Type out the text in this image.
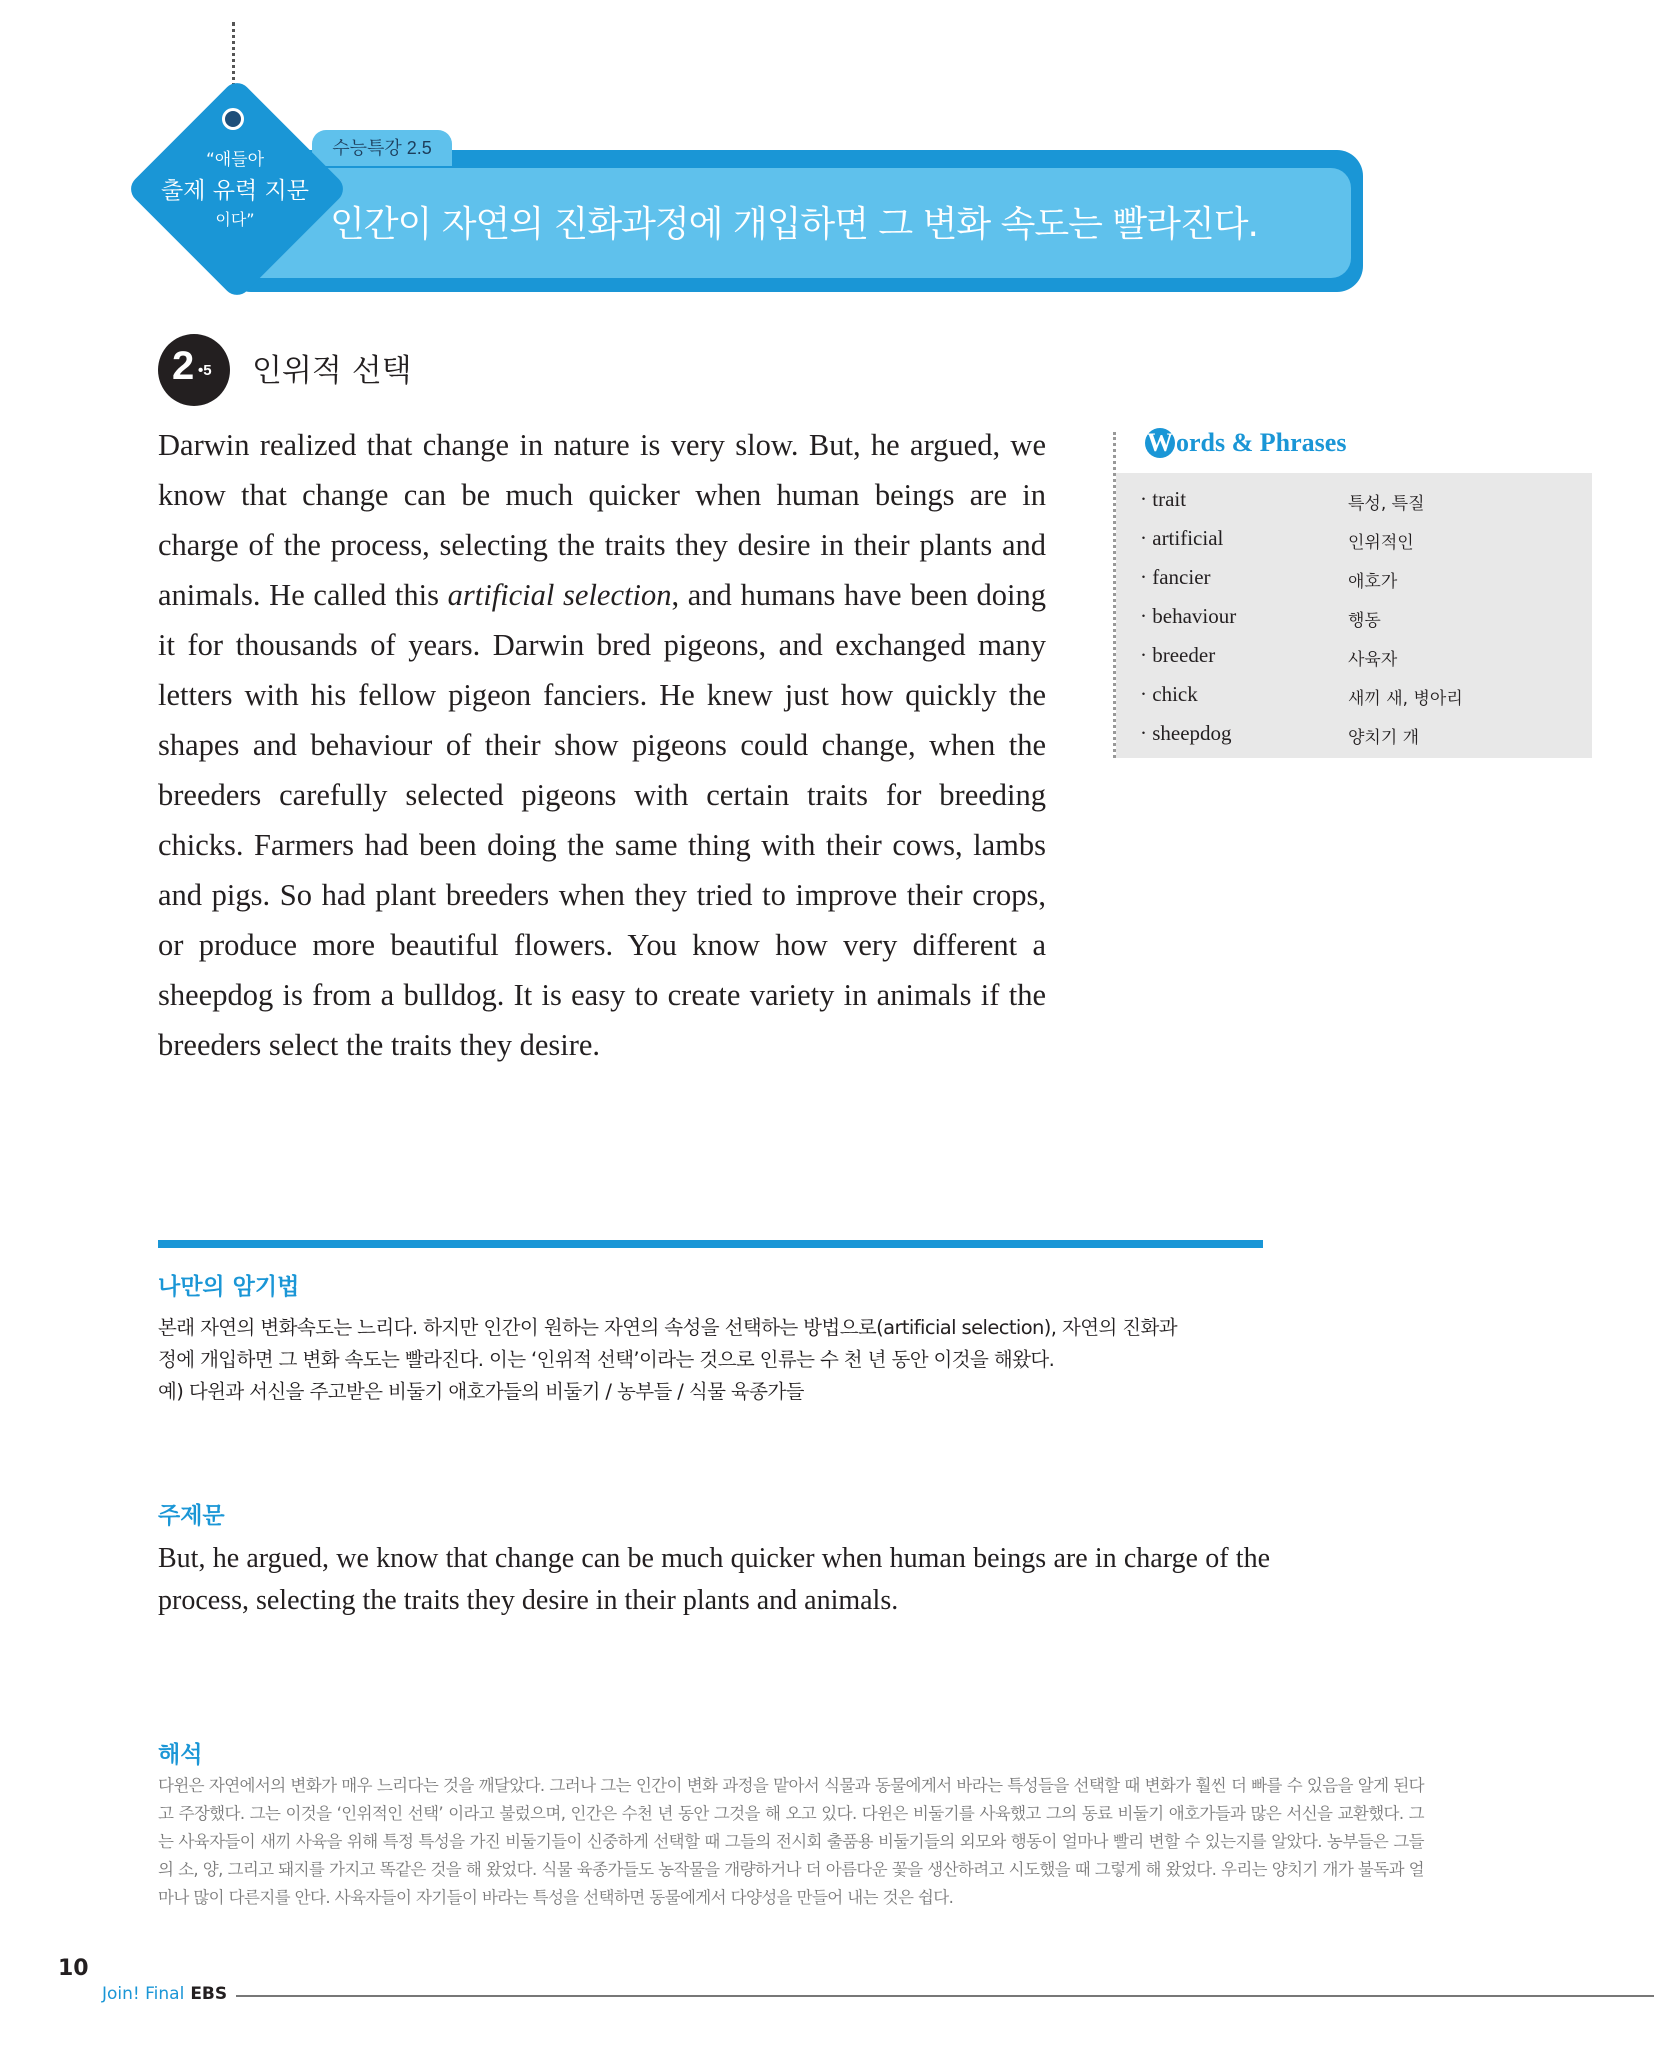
수능특강 2.5
인간이 자연의 진화과정에 개입하면 그 변화 속도는 빨라진다.
“애들아
출제 유력 지문
이다”
2 •5 인위적 선택
Darwin realized that change in nature is very slow. But, he argued, we know that change can be much quicker when human beings are in charge of the process, selecting the traits they desire in their plants and animals. He called this artificial selection, and humans have been doing it for thousands of years. Darwin bred pigeons, and exchanged many letters with his fellow pigeon fanciers. He knew just how quickly the shapes and behaviour of their show pigeons could change, when the breeders carefully selected pigeons with certain traits for breeding chicks. Farmers had been doing the same thing with their cows, lambs and pigs. So had plant breeders when they tried to improve their crops, or produce more beautiful flowers. You know how very different a sheepdog is from a bulldog. It is easy to create variety in animals if the breeders select the traits they desire.
W ords & Phrases
· trait	특성, 특질
· artificial	인위적인
· fancier	애호가
· behaviour	행동
· breeder	사육자
· chick	새끼 새, 병아리
· sheepdog	양치기 개
나만의 암기법
본래 자연의 변화속도는 느리다. 하지만 인간이 원하는 자연의 속성을 선택하는 방법으로(artificial selection), 자연의 진화과
정에 개입하면 그 변화 속도는 빨라진다. 이는 ‘인위적 선택’이라는 것으로 인류는 수 천 년 동안 이것을 해왔다.
예) 다윈과 서신을 주고받은 비둘기 애호가들의 비둘기 / 농부들 / 식물 육종가들
주제문
But, he argued, we know that change can be much quicker when human beings are in charge of the process, selecting the traits they desire in their plants and animals.
해석
다윈은 자연에서의 변화가 매우 느리다는 것을 깨달았다. 그러나 그는 인간이 변화 과정을 맡아서 식물과 동물에게서 바라는 특성들을 선택할 때 변화가 훨씬 더 빠를 수 있음을 알게 된다고 주장했다. 그는 이것을 ‘인위적인 선택’ 이라고 불렀으며, 인간은 수천 년 동안 그것을 해 오고 있다. 다윈은 비둘기를 사육했고 그의 동료 비둘기 애호가들과 많은 서신을 교환했다. 그는 사육자들이 새끼 사육을 위해 특정 특성을 가진 비둘기들이 신중하게 선택할 때 그들의 전시회 출품용 비둘기들의 외모와 행동이 얼마나 빨리 변할 수 있는지를 알았다. 농부들은 그들의 소, 양, 그리고 돼지를 가지고 똑같은 것을 해 왔었다. 식물 육종가들도 농작물을 개량하거나 더 아름다운 꽃을 생산하려고 시도했을 때 그렇게 해 왔었다. 우리는 양치기 개가 불독과 얼마나 많이 다른지를 안다. 사육자들이 자기들이 바라는 특성을 선택하면 동물에게서 다양성을 만들어 내는 것은 쉽다.
10
Join! Final EBS
